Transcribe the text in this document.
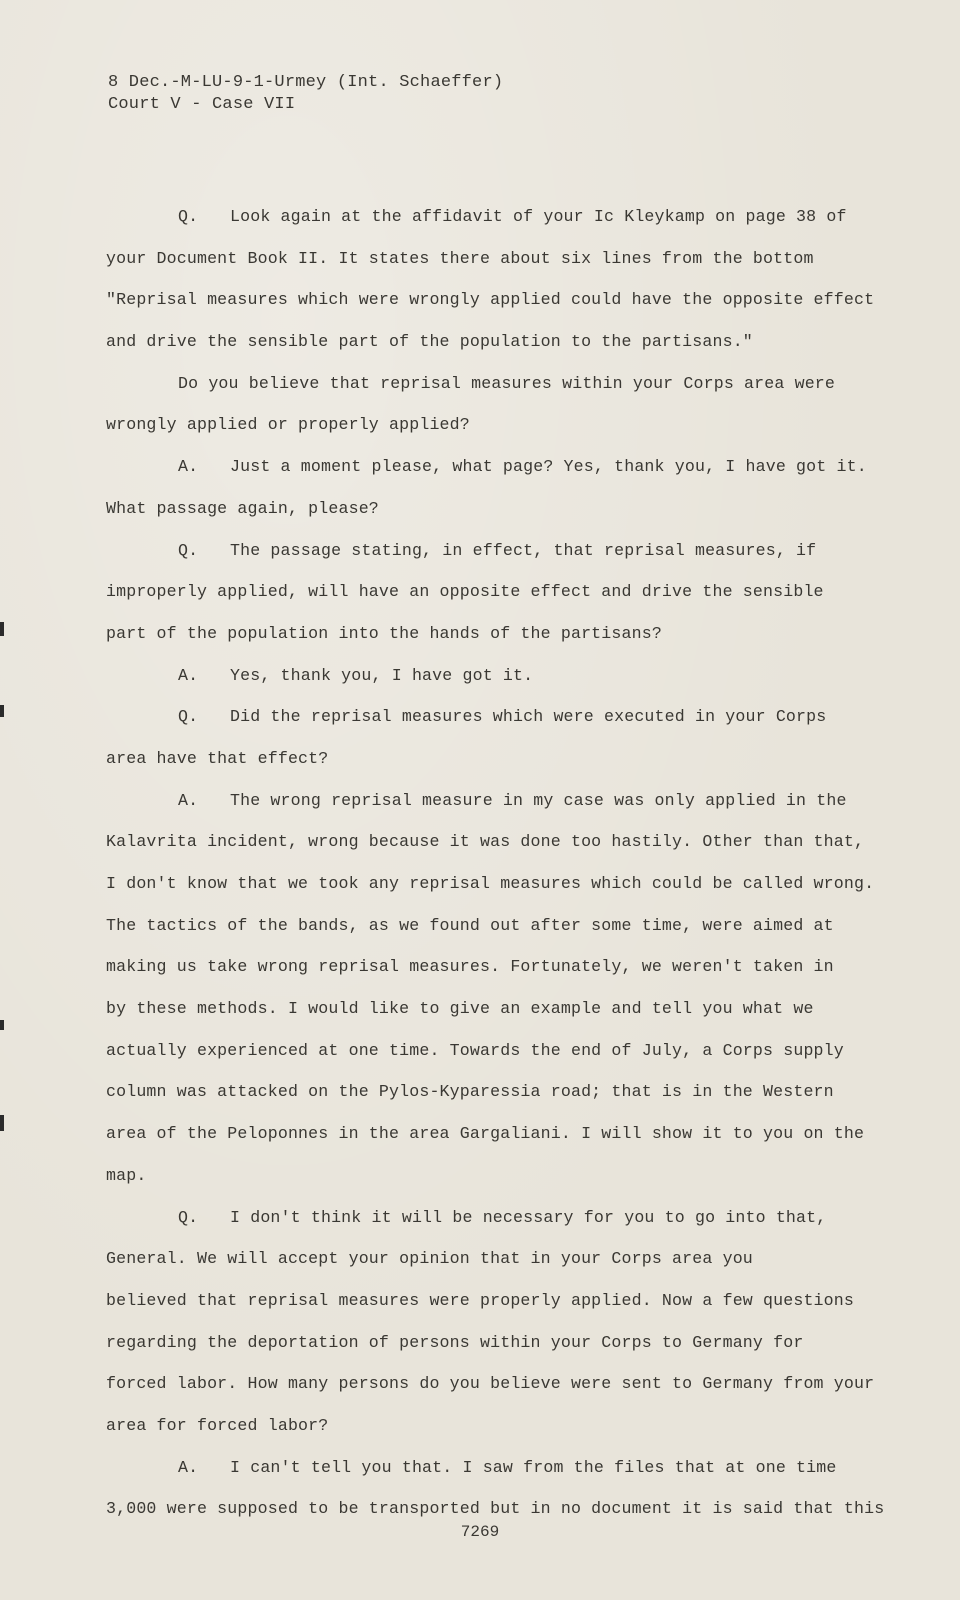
8 Dec.-M-LU-9-1-Urmey (Int. Schaeffer)
Court V - Case VII
Q. Look again at the affidavit of your Ic Kleykamp on page 38 of
your Document Book II. It states there about six lines from the bottom
"Reprisal measures which were wrongly applied could have the opposite effect
and drive the sensible part of the population to the partisans."
Do you believe that reprisal measures within your Corps area were
wrongly applied or properly applied?
A. Just a moment please, what page? Yes, thank you, I have got it.
What passage again, please?
Q. The passage stating, in effect, that reprisal measures, if
improperly applied, will have an opposite effect and drive the sensible
part of the population into the hands of the partisans?
A. Yes, thank you, I have got it.
Q. Did the reprisal measures which were executed in your Corps
area have that effect?
A. The wrong reprisal measure in my case was only applied in the
Kalavrita incident, wrong because it was done too hastily. Other than that,
I don't know that we took any reprisal measures which could be called wrong.
The tactics of the bands, as we found out after some time, were aimed at
making us take wrong reprisal measures. Fortunately, we weren't taken in
by these methods. I would like to give an example and tell you what we
actually experienced at one time. Towards the end of July, a Corps supply
column was attacked on the Pylos-Kyparessia road; that is in the Western
area of the Peloponnes in the area Gargaliani. I will show it to you on the
map.
Q. I don't think it will be necessary for you to go into that,
General. We will accept your opinion that in your Corps area you
believed that reprisal measures were properly applied. Now a few questions
regarding the deportation of persons within your Corps to Germany for
forced labor. How many persons do you believe were sent to Germany from your
area for forced labor?
A. I can't tell you that. I saw from the files that at one time
3,000 were supposed to be transported but in no document it is said that this
7269
